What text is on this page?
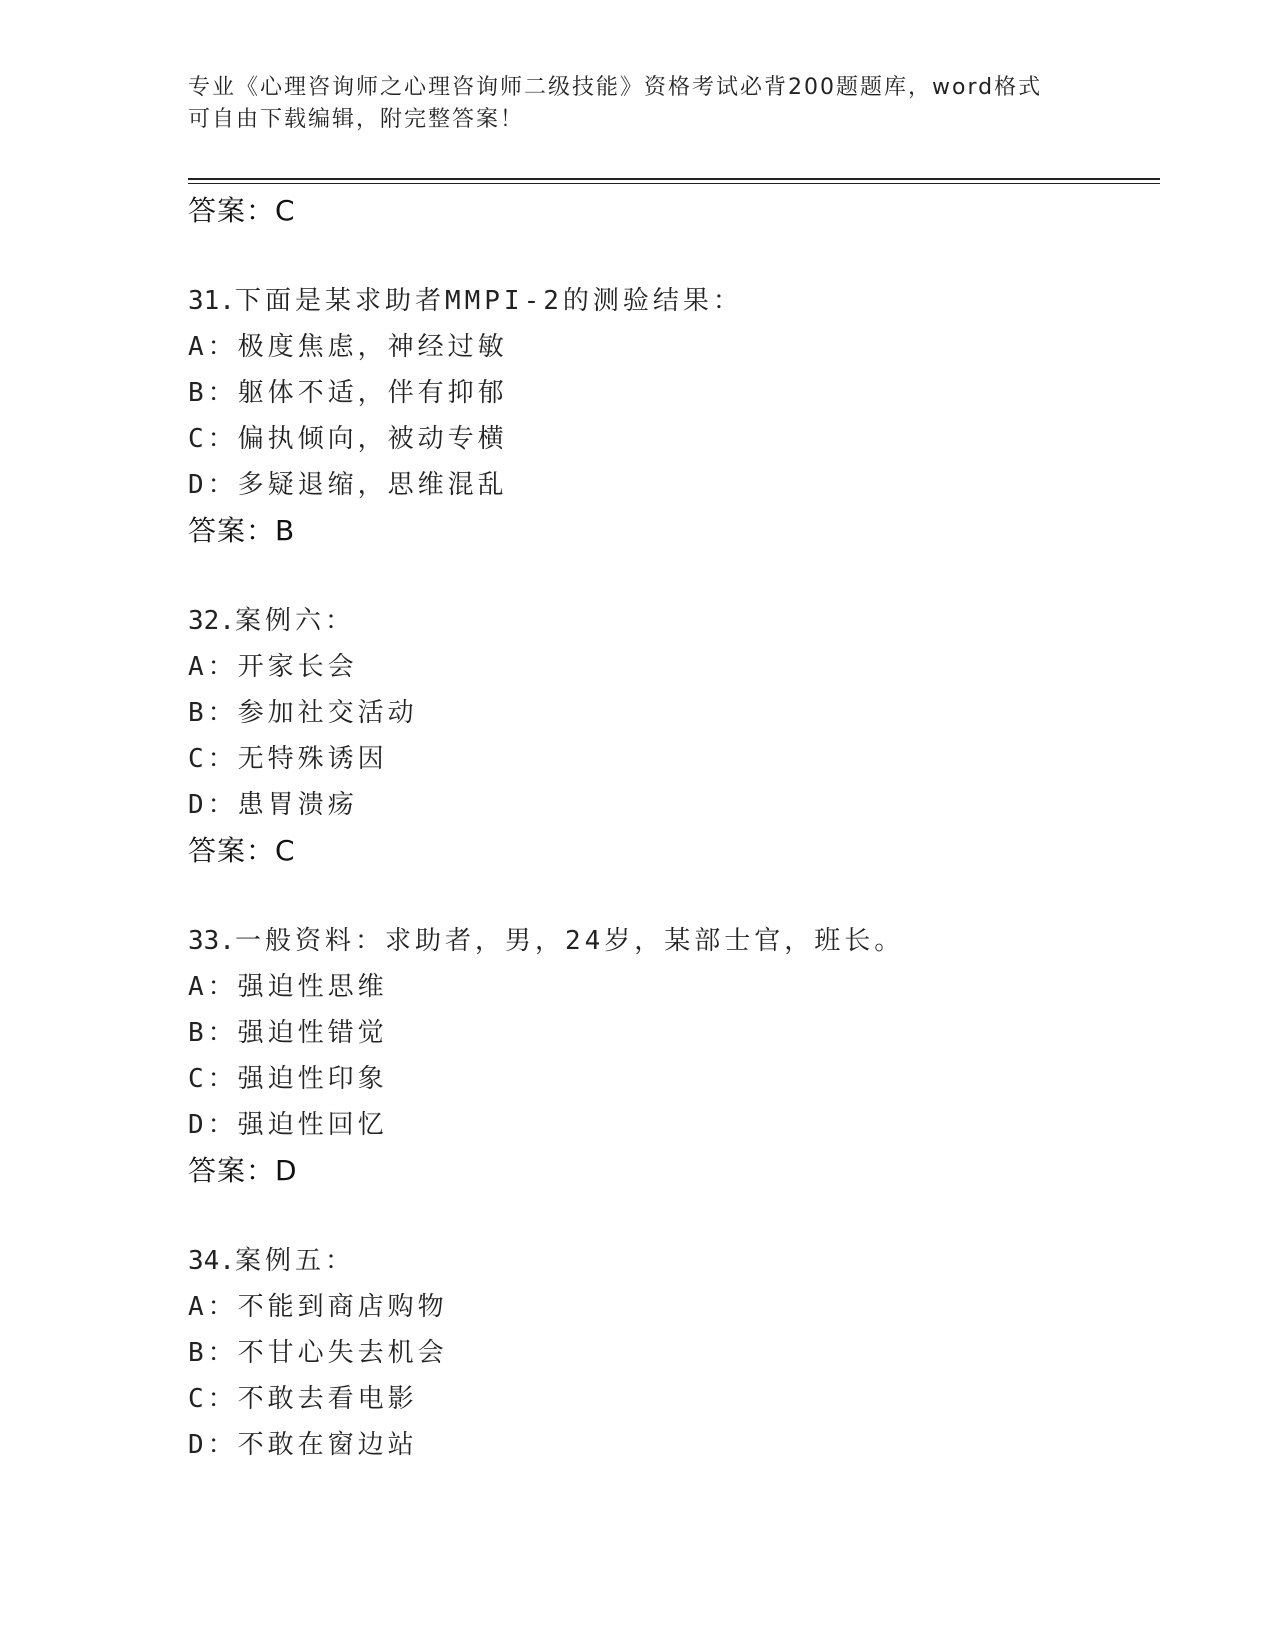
专业《心理咨询师之心理咨询师二级技能》资格考试必背200题题库，word格式
可自由下载编辑，附完整答案！
答案：C
31.下面是某求助者MMPI-2的测验结果：
A：极度焦虑，神经过敏
B：躯体不适，伴有抑郁
C：偏执倾向，被动专横
D：多疑退缩，思维混乱
答案：B
32.案例六：
A：开家长会
B：参加社交活动
C：无特殊诱因
D：患胃溃疡
答案：C
33.一般资料：求助者，男，24岁，某部士官，班长。
A：强迫性思维
B：强迫性错觉
C：强迫性印象
D：强迫性回忆
答案：D
34.案例五：
A：不能到商店购物
B：不甘心失去机会
C：不敢去看电影
D：不敢在窗边站
